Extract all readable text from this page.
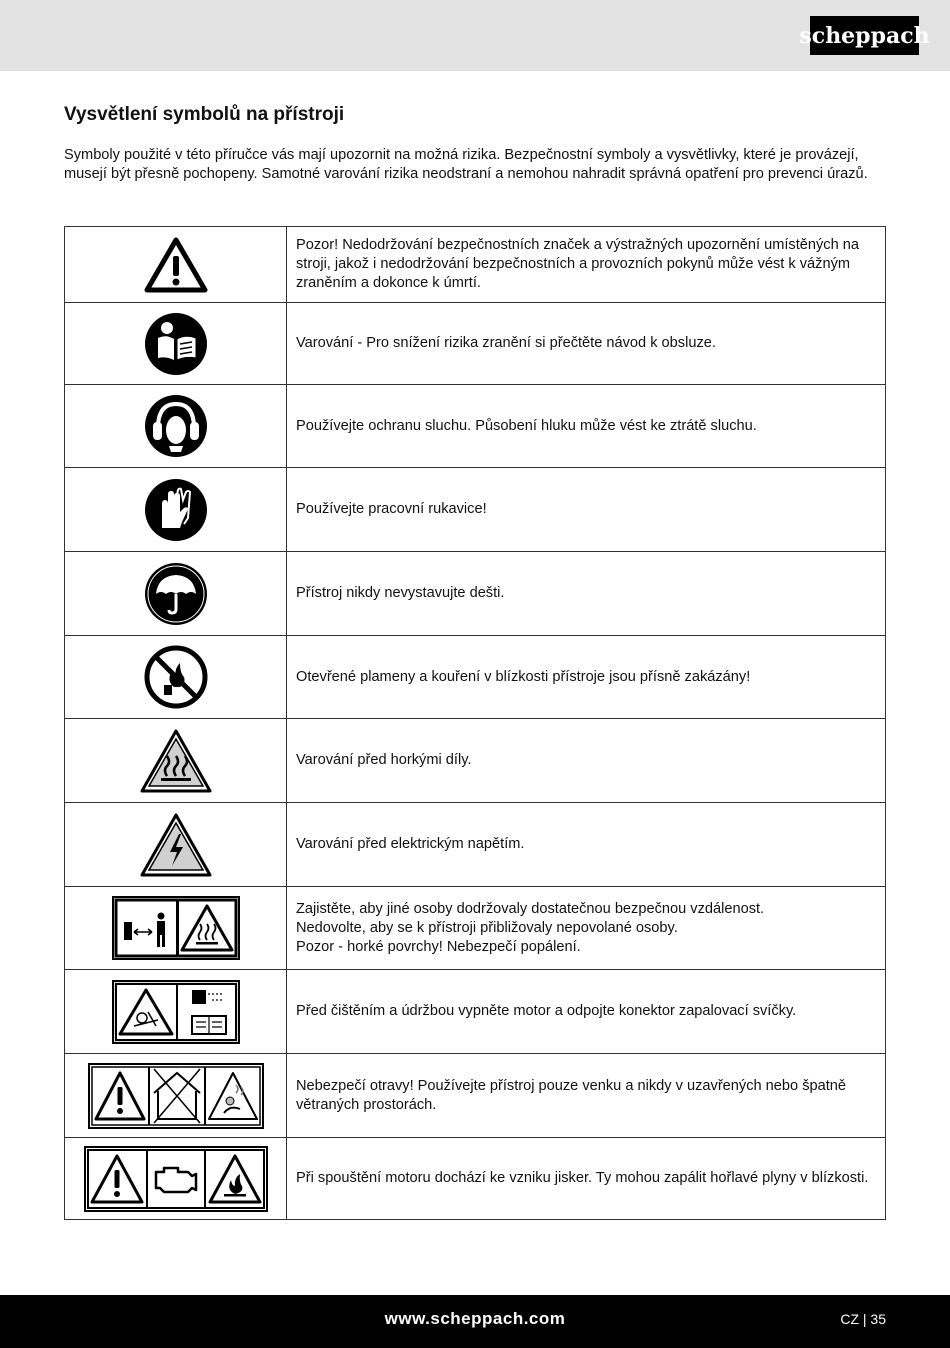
scheppach
Vysvětlení symbolů na přístroji

Symboly použité v této příručce vás mají upozornit na možná rizika. Bezpečnostní symboly a vysvětlivky, které je provázejí, musejí být přesně pochopeny. Samotné varování rizika neodstraní a nemohou nahradit správná opatření pro prevenci úrazů.

Pozor! Nedodržování bezpečnostních značek a výstražných upozornění umístěných na stroji, jakož i nedodržování bezpečnostních a provozních pokynů může vést k vážným zraněním a dokonce k úmrtí.

Varování - Pro snížení rizika zranění si přečtěte návod k obsluze.

Používejte ochranu sluchu. Působení hluku může vést ke ztrátě sluchu.

Používejte pracovní rukavice!

Přístroj nikdy nevystavujte dešti.

Otevřené plameny a kouření v blízkosti přístroje jsou přísně zakázány!

Varování před horkými díly.

Varování před elektrickým napětím.

Zajistěte, aby jiné osoby dodržovaly dostatečnou bezpečnou vzdálenost.
Nedovolte, aby se k přístroji přibližovaly nepovolané osoby.
Pozor - horké povrchy! Nebezpečí popálení.

Před čištěním a údržbou vypněte motor a odpojte konektor zapalovací svíčky.

Nebezpečí otravy! Používejte přístroj pouze venku a nikdy v uzavřených nebo špatně větraných prostorách.

Při spouštění motoru dochází ke vzniku jisker. Ty mohou zapálit hořlavé plyny v blízkosti.
www.scheppach.com	CZ | 35
